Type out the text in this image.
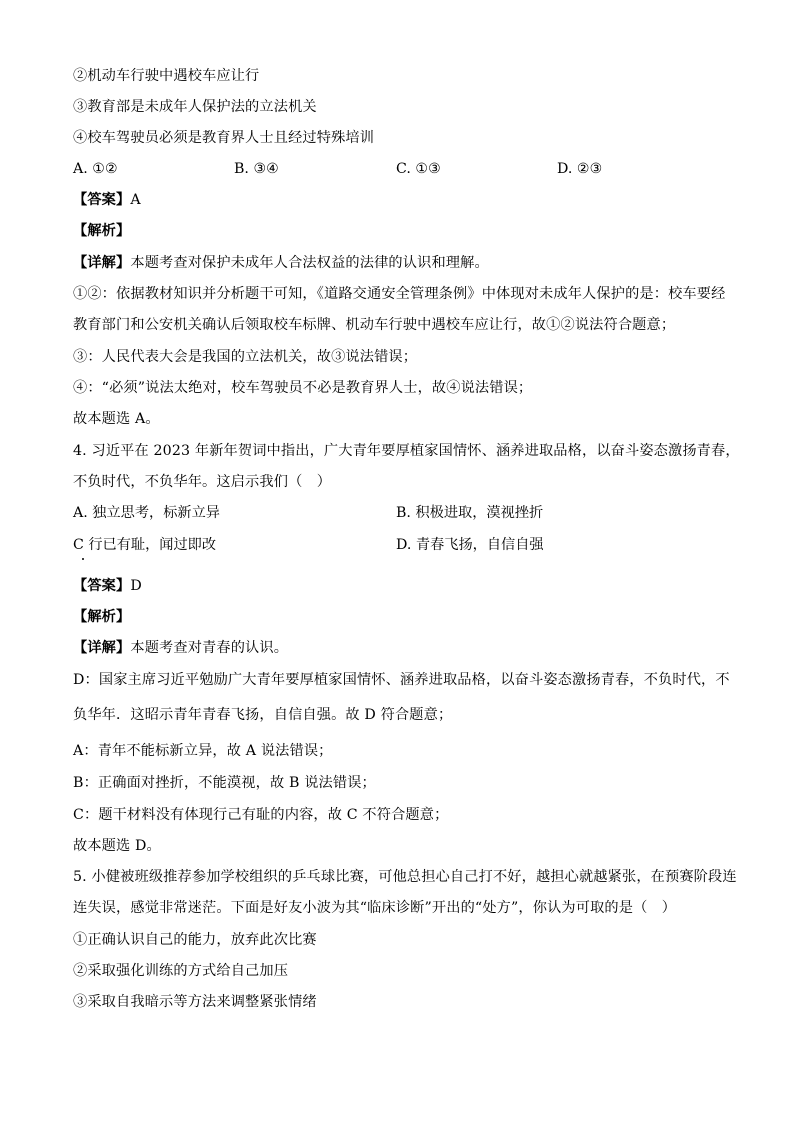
②机动车行驶中遇校车应让行
③教育部是未成年人保护法的立法机关
④校车驾驶员必须是教育界人士且经过特殊培训
A. ①②	B. ③④	C. ①③	D. ②③
【答案】A
【解析】
【详解】本题考查对保护未成年人合法权益的法律的认识和理解。
①②：依据教材知识并分析题干可知，《道路交通安全管理条例》中体现对未成年人保护的是：校车要经
教育部门和公安机关确认后领取校车标牌、机动车行驶中遇校车应让行，故①②说法符合题意；
③：人民代表大会是我国的立法机关，故③说法错误；
④：“必须”说法太绝对，校车驾驶员不必是教育界人士，故④说法错误；
故本题选 A。
4. 习近平在 2023 年新年贺词中指出，广大青年要厚植家国情怀、涵养进取品格，以奋斗姿态激扬青春，
不负时代，不负华年。这启示我们（　）
A. 独立思考，标新立异	B. 积极进取，漠视挫折
C 行已有耻，闻过即改	D. 青春飞扬，自信自强
【答案】D
【解析】
【详解】本题考查对青春的认识。
D：国家主席习近平勉励广大青年要厚植家国情怀、涵养进取品格，以奋斗姿态激扬青春，不负时代，不
负华年．这昭示青年青春飞扬，自信自强。故 D 符合题意；
A：青年不能标新立异，故 A 说法错误；
B：正确面对挫折，不能漠视，故 B 说法错误；
C：题干材料没有体现行己有耻的内容，故 C 不符合题意；
故本题选 D。
5. 小健被班级推荐参加学校组织的乒乓球比赛，可他总担心自己打不好，越担心就越紧张，在预赛阶段连
连失误，感觉非常迷茫。下面是好友小波为其“临床诊断”开出的“处方”，你认为可取的是（　）
①正确认识自己的能力，放弃此次比赛
②采取强化训练的方式给自己加压
③采取自我暗示等方法来调整紧张情绪
